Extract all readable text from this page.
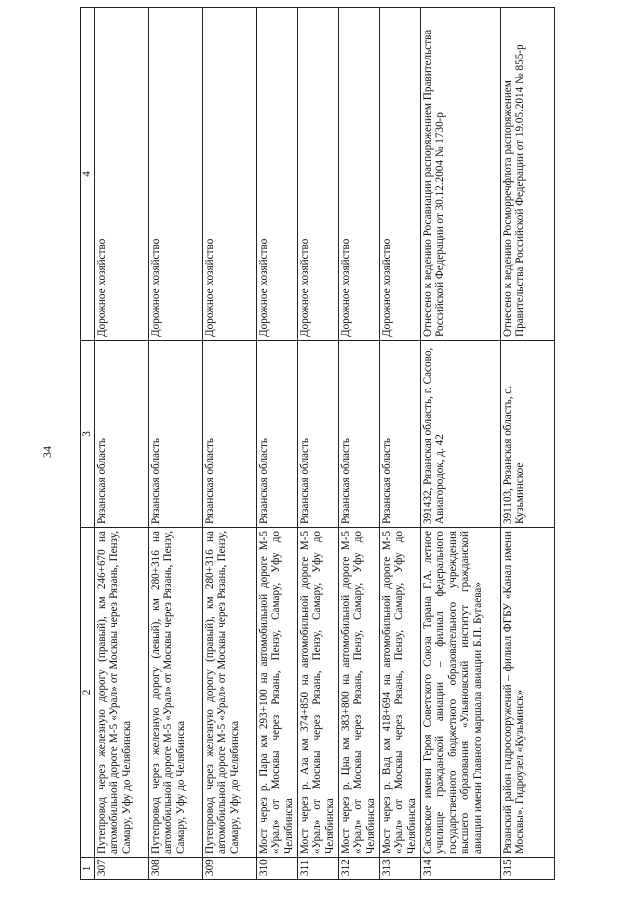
34
1	2	3	4
307	Путепровод через железную дорогу (правый), км 246+670 на автомобильной дороге М-5 «Урал» от Москвы через Рязань, Пензу, Самару, Уфу до Челябинска	Рязанская область	Дорожное хозяйство
308	Путепровод через железную дорогу (левый), км 280+316 на автомобильной дороге М-5 «Урал» от Москвы через Рязань, Пензу, Самару, Уфу до Челябинска	Рязанская область	Дорожное хозяйство
309	Путепровод через железную дорогу (правый), км 280+316 на автомобильной дороге М-5 «Урал» от Москвы через Рязань, Пензу, Самару, Уфу до Челябинска	Рязанская область	Дорожное хозяйство
310	Мост через р. Пара км 293+100 на автомобильной дороге М-5 «Урал» от Москвы через Рязань, Пензу, Самару, Уфу до Челябинска	Рязанская область	Дорожное хозяйство
311	Мост через р. Аза км 374+850 на автомобильной дороге М-5 «Урал» от Москвы через Рязань, Пензу, Самару, Уфу до Челябинска	Рязанская область	Дорожное хозяйство
312	Мост через р. Цна км 383+800 на автомобильной дороге М-5 «Урал» от Москвы через Рязань, Пензу, Самару, Уфу до Челябинска	Рязанская область	Дорожное хозяйство
313	Мост через р. Вад км 418+694 на автомобильной дороге М-5 «Урал» от Москвы через Рязань, Пензу, Самару, Уфу до Челябинска	Рязанская область	Дорожное хозяйство
314	Сасовское имени Героя Советского Союза Тарана Г.А. летное училище гражданской авиации – филиал федерального государственного бюджетного образовательного учреждения высшего образования «Ульяновский институт гражданской авиации имени Главного маршала авиации Б.П. Бугаева»	391432, Рязанская область, г. Сасово, Авиагородок, д. 42	Отнесено к ведению Росавиации распоряжением Правительства Российской Федерации от 30.12.2004 № 1730-р
315	Рязанский район гидросооружений – филиал ФГБУ «Канал имени Москвы». Гидроузел «Кузьминск»	391103, Рязанская область, с. Кузьминское	Отнесено к ведению Росморречфлота распоряжением Правительства Российской Федерации от 19.05.2014 № 855-р
